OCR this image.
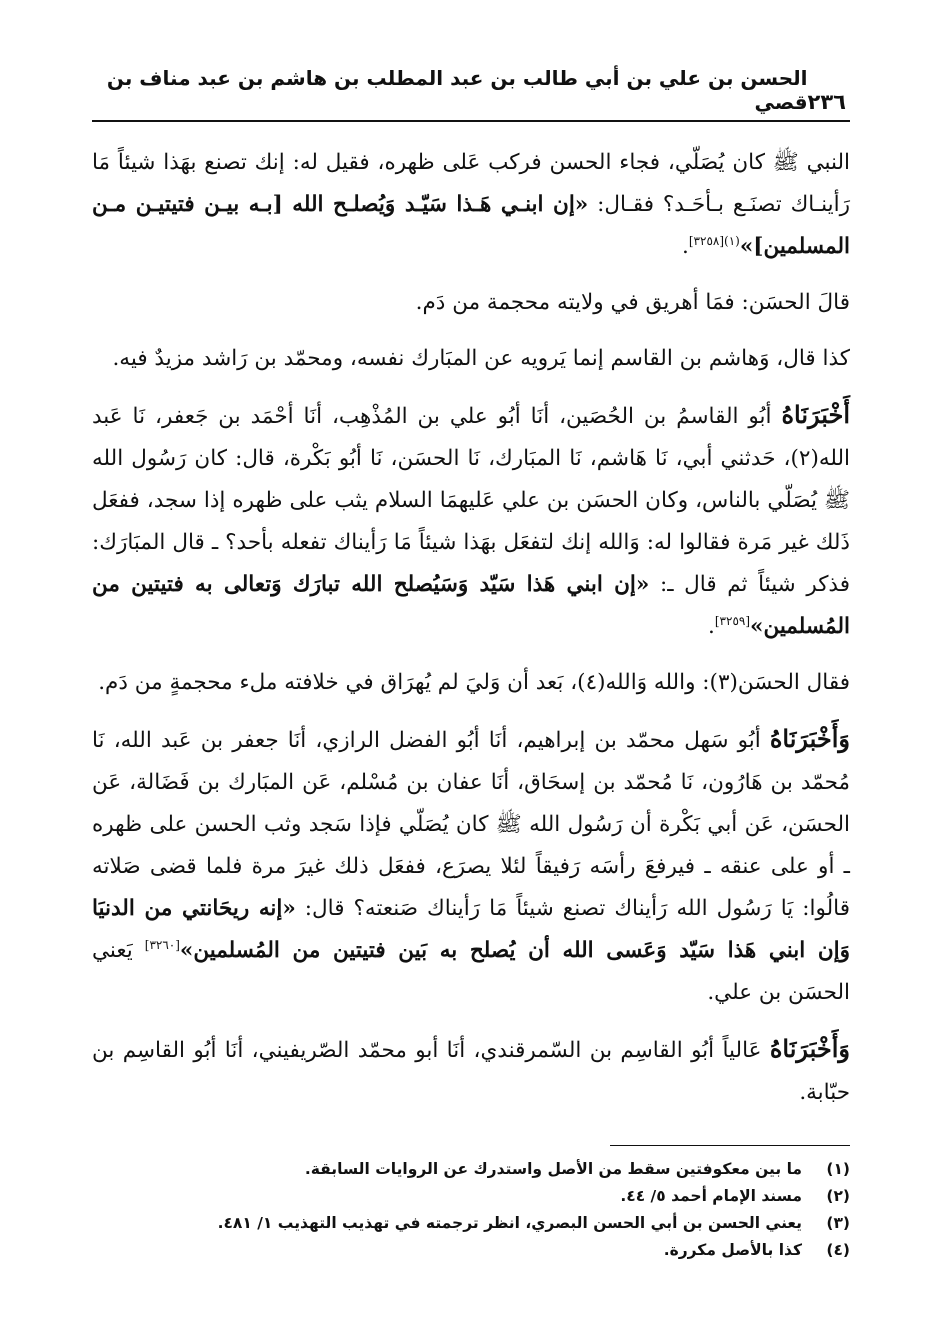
٢٣٦
الحسن بن علي بن أبي طالب بن عبد المطلب بن هاشم بن عبد مناف بن قصي

النبي ﷺ كان يُصَلّي، فجاء الحسن فركب عَلى ظهره، فقيل له: إنك تصنع بهَذا شيئاً مَا رَأينـاك تصنَـع بـأحَـد؟ فقـال: «إن ابنـي هَـذا سَيّـد وَيُصلـح الله [بـه بيـن فتيتيـن مـن المسلمين]»$^{(١)[٣٢٥٨]}$.

قالَ الحسَن: فمَا أهريق في ولايته محجمة من دَم.

كذا قال، وَهاشم بن القاسم إنما يَرويه عن المبَارك نفسه، ومحمّد بن رَاشد مزيدٌ فيه.

أَخْبَرَنَاهُ أبُو القاسمُ بن الحُصَين، أنَا أبُو علي بن المُذْهِب، أنَا أحْمَد بن جَعفر، نَا عَبد الله(٢)، حَدثني أبي، نَا هَاشم، نَا المبَارك، نَا الحسَن، نَا أبُو بَكْرة، قال: كان رَسُول الله ﷺ يُصَلّي بالناس، وكان الحسَن بن علي عَليهمَا السلام يثب على ظهره إذا سجد، ففعَل ذَلك غير مَرة فقالوا له: وَالله إنك لتفعَل بهَذا شيئاً مَا رَأيناك تفعله بأحد؟ ـ قال المبَارَك: فذكر شيئاً ثم قال ـ: «إن ابني هَذا سَيّد وَسَيُصلح الله تبارَك وَتعالى به فتيتين من المُسلمين»[٣٢٥٩].

فقال الحسَن(٣): والله وَالله(٤)، بَعد أن وَليَ لم يُهرَاق في خلافته ملء محجمةٍ من دَم.

وَأَخْبَرَنَاهُ أبُو سَهل محمّد بن إبراهيم، أنَا أبُو الفضل الرازي، أنَا جعفر بن عَبد الله، نَا مُحمّد بن هَارُون، نَا مُحمّد بن إسحَاق، أنَا عفان بن مُسْلم، عَن المبَارك بن فَضَالة، عَن الحسَن، عَن أبي بَكْرة أن رَسُول الله ﷺ كان يُصَلّي فإذا سَجد وثب الحسن على ظهره ـ أو على عنقه ـ فيرفعَ رأسَه رَفيقاً لئلا يصرَع، ففعَل ذلك غيرَ مرة فلما قضى صَلاته قالُوا: يَا رَسُول الله رَأيناك تصنع شيئاً مَا رَأيناك صَنعته؟ قال: «إنه ريحَانتي من الدنيَا وَإن ابني هَذا سَيّد وَعَسى الله أن يُصلح به بَين فتيتين من المُسلمين»[٣٢٦٠] يَعني الحسَن بن علي.

وَأَخْبَرَنَاهُ عَالياً أبُو القاسِم بن السّمرقندي، أنَا أبو محمّد الصّريفيني، أنَا أبُو القاسِم بن حبّابة.

(١)
ما بين معكوفتين سقط من الأصل واستدرك عن الروايات السابقة.
(٢)
مسند الإمام أحمد ٥/ ٤٤.
(٣)
يعني الحسن بن أبي الحسن البصري، انظر ترجمته في تهذيب التهذيب ١/ ٤٨١.
(٤)
كذا بالأصل مكررة.
